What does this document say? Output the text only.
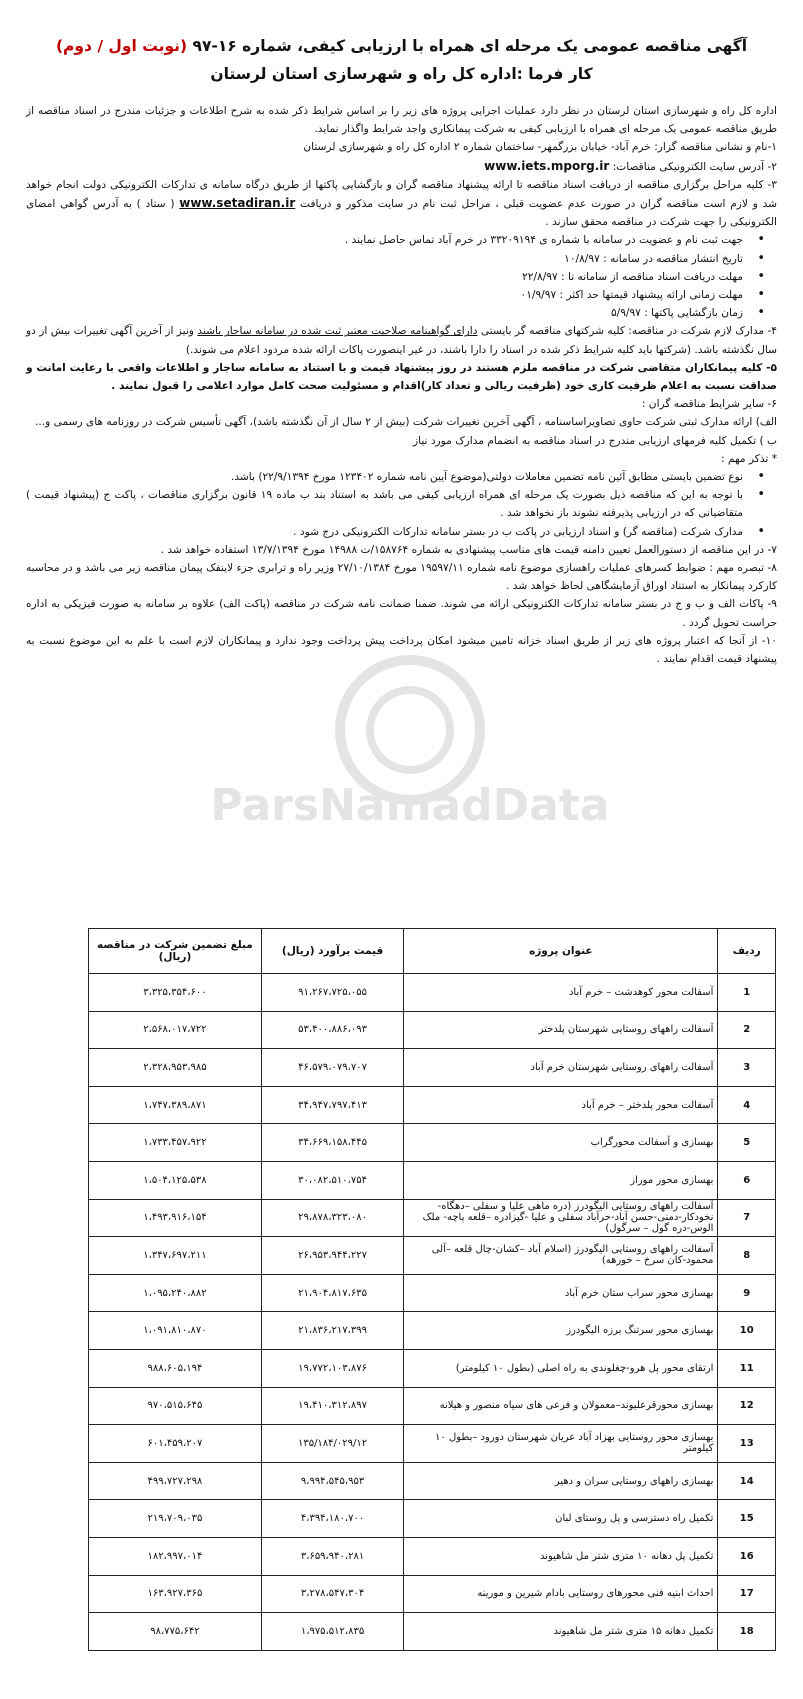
آگهی مناقصه عمومی یک مرحله ای همراه با ارزیابی کیفی، شماره ۱۶-۹۷ (نوبت اول / دوم)
کار فرما :اداره کل راه و شهرسازی استان لرستان
ParsNamadData

اداره کل راه و شهرسازی استان لرستان در نظر دارد عملیات اجرایی پروژه های زیر را بر اساس شرایط ذکر شده به شرح اطلاعات و جزئیات مندرج در اسناد مناقصه از طریق مناقصه عمومی یک مرحله ای همراه با ارزیابی کیفی به شرکت پیمانکاری واجد شرایط واگذار نماید.

۱-نام و نشانی مناقصه گزار: خرم آباد- خیابان بزرگمهر- ساختمان شماره ۲ اداره کل راه و شهرسازی لرستان

۲- آدرس سایت الکترونیکی مناقصات: www.iets.mporg.ir

۳- کلیه مراحل برگزاری مناقصه از دریافت اسناد مناقصه تا ارائه پیشنهاد مناقصه گران و بازگشایی پاکتها از طریق درگاه سامانه ی تدارکات الکترونیکی دولت انجام خواهد شد و لازم است مناقصه گران در صورت عدم عضویت قبلی ، مراحل ثبت نام در سایت مذکور و دریافت www.setadiran.ir ( ستاد ) به آدرس گواهی امضای الکترونیکی را جهت شرکت در مناقصه محقق سازند .

• جهت ثبت نام و عضویت در سامانه با شماره ی ۳۳۲۰۹۱۹۴ در خرم آباد تماس حاصل نمایند .
• تاریخ انتشار مناقصه در سامانه : ۱۰/۸/۹۷
• مهلت دریافت اسناد مناقصه از سامانه تا : ۲۲/۸/۹۷
• مهلت زمانی ارائه پیشنهاد قیمتها حد اکثر : ۰۱/۹/۹۷
• زمان بازگشایی پاکتها : ۵/۹/۹۷

۴- مدارک لازم شرکت در مناقصه: کلیه شرکتهای مناقصه گر بایستی دارای گواهینامه صلاحیت معتبر ثبت شده در سامانه ساجار باشند ونیز از آخرین آگهی تغییرات بیش از دو سال نگذشته باشد. (شرکتها باید کلیه شرایط ذکر شده در اسناد را دارا باشند، در غیر اینصورت پاکات ارائه شده مردود اعلام می شوند.)

۵- کلیه پیمانکاران متقاضی شرکت در مناقصه ملزم هستند در روز پیشنهاد قیمت و با استناد به سامانه ساجار و اطلاعات واقعی با رعایت امانت و صداقت نسبت به اعلام ظرفیت کاری خود (ظرفیت ریالی و تعداد کار)اقدام و مسئولیت صحت کامل موارد اعلامی را قبول نمایند .

۶- سایر شرایط مناقصه گران :

الف) ارائه مدارک ثبتی شرکت حاوی تصاویراساسنامه ، آگهی آخرین تغییرات شرکت (بیش از ۲ سال از آن نگذشته باشد)، آگهی تأسیس شرکت در روزنامه های رسمی و...

ب ) تکمیل کلیه فرمهای ارزیابی مندرج در اسناد مناقصه به انضمام مدارک مورد نیاز

* تذکر مهم :

• نوع تضمین بایستی مطابق آئین نامه تضمین معاملات دولتی(موضوع آیین نامه شماره ۱۲۳۴۰۲ مورخ ۲۲/۹/۱۳۹۴) باشد.
• با توجه به این که مناقصه ذیل بصورت یک مرحله ای همراه ارزیابی کیفی می باشد به استناد بند ب ماده ۱۹ قانون برگزاری مناقصات ، پاکت ج (پیشنهاد قیمت ) متقاضیانی که در ارزیابی پذیرفته نشوند باز نخواهد شد .
• مدارک شرکت (مناقصه گر) و اسناد ارزیابی در پاکت ب در بستر سامانه تدارکات الکترونیکی درج شود .

۷- در این مناقصه از دستورالعمل تعیین دامنه قیمت های مناسب پیشنهادی به شماره ۱۵۸۷۶۴/ت ۱۴۹۸۸ مورخ ۱۳/۷/۱۳۹۴ استفاده خواهد شد .

۸- تبصره مهم : ضوابط کسرهای عملیات راهسازی موضوع نامه شماره ۱۹۵۹۷/۱۱ مورخ ۲۷/۱۰/۱۳۸۴ وزیر راه و ترابری جزء لاینفک پیمان مناقصه زیر می باشد و در محاسبه کارکرد پیمانکار به استناد اوراق آزمایشگاهی لحاظ خواهد شد .

۹- پاکات الف و ب و ج در بستر سامانه تدارکات الکترونیکی ارائه می شوند. ضمنا ضمانت نامه شرکت در مناقصه (پاکت الف) علاوه بر سامانه به صورت فیزیکی به اداره حراست تحویل گردد .

۱۰- از آنجا که اعتبار پروژه های زیر از طریق اسناد خزانه تامین میشود امکان پرداخت پیش پرداخت وجود ندارد و پیمانکاران لازم است با علم به این موضوع نسبت به پیشنهاد قیمت اقدام نمایند .

ردیف	عنوان پروژه	قیمت برآورد (ریال)	مبلغ تضمین شرکت در مناقصه (ریال)
1	آسفالت محور کوهدشت – خرم آباد	۹۱،۲۶۷،۷۲۵،۰۵۵	۳،۳۲۵،۳۵۴،۶۰۰
2	آسفالت راههای روستایی شهرستان پلدختر	۵۳،۴۰۰،۸۸۶،۰۹۳	۲،۵۶۸،۰۱۷،۷۲۲
3	آسفالت راههای روستایی شهرستان خرم آباد	۴۶،۵۷۹،۰۷۹،۷۰۷	۲،۳۲۸،۹۵۳،۹۸۵
4	آسفالت محور پلدختر – خرم آباد	۳۴،۹۴۷،۷۹۷،۴۱۳	۱،۷۴۷،۳۸۹،۸۷۱
5	بهسازی و آسفالت محورگراب	۳۴،۶۶۹،۱۵۸،۴۴۵	۱،۷۳۳،۴۵۷،۹۲۲
6	بهسازی محور موراز	۳۰،۰۸۲،۵۱۰،۷۵۴	۱،۵۰۴،۱۲۵،۵۳۸
7	آسفالت راههای روستایی الیگودرز (دره ماهی علیا و سفلی –دهگاه-نخودکار-دمنی-حسن آباد-حرآباد سفلی و علیا -گیزادره –قلعه پاچه- ملک الوس-دره گول – سرگول)	۲۹،۸۷۸،۳۲۳،۰۸۰	۱،۴۹۳،۹۱۶،۱۵۴
8	آسفالت راههای روستایی الیگودرز (اسلام آباد –کشان-چال قلعه –آلی محمود-کان سرخ – خورهه)	۲۶،۹۵۳،۹۴۴،۲۲۷	۱،۳۴۷،۶۹۷،۲۱۱
9	بهسازی محور سراب ستان خرم آباد	۲۱،۹۰۴،۸۱۷،۶۳۵	۱،۰۹۵،۲۴۰،۸۸۲
10	بهسازی محور سرتنگ برزه الیگودرز	۲۱،۸۳۶،۲۱۷،۳۹۹	۱،۰۹۱،۸۱۰،۸۷۰
11	ارتقای محور پل هرو-چغلوندی به راه اصلی (بطول ۱۰ کیلومتر)	۱۹،۷۷۲،۱۰۳،۸۷۶	۹۸۸،۶۰۵،۱۹۴
12	بهسازی محورقرعلیوند–معمولان و فرعی های سیاه منصور و هیلانه	۱۹،۴۱۰،۳۱۲،۸۹۷	۹۷۰،۵۱۵،۶۴۵
13	بهسازی محور روستایی بهزاد آباد عریان شهرستان دورود –بطول ۱۰ کیلومتر	۱۳۵/۱۸۴/۰۲۹/۱۲	۶۰۱،۴۵۹،۲۰۷
14	بهسازی راههای روستایی سران و دهیر	۹،۹۹۴،۵۴۵،۹۵۳	۴۹۹،۷۲۷،۲۹۸
15	تکمیل راه دسترسی و پل روستای لبان	۴،۳۹۴،۱۸۰،۷۰۰	۲۱۹،۷۰۹،۰۳۵
16	تکمیل پل دهانه ۱۰ متری شتر مل شاهیوند	۳،۶۵۹،۹۴۰،۲۸۱	۱۸۲،۹۹۷،۰۱۴
17	احداث ابنیه فنی محورهای روستایی بادام شیرین و مورینه	۳،۲۷۸،۵۴۷،۳۰۴	۱۶۳،۹۲۷،۳۶۵
18	تکمیل دهانه ۱۵ متری شتر مل شاهیوند	۱،۹۷۵،۵۱۲،۸۳۵	۹۸،۷۷۵،۶۴۲
